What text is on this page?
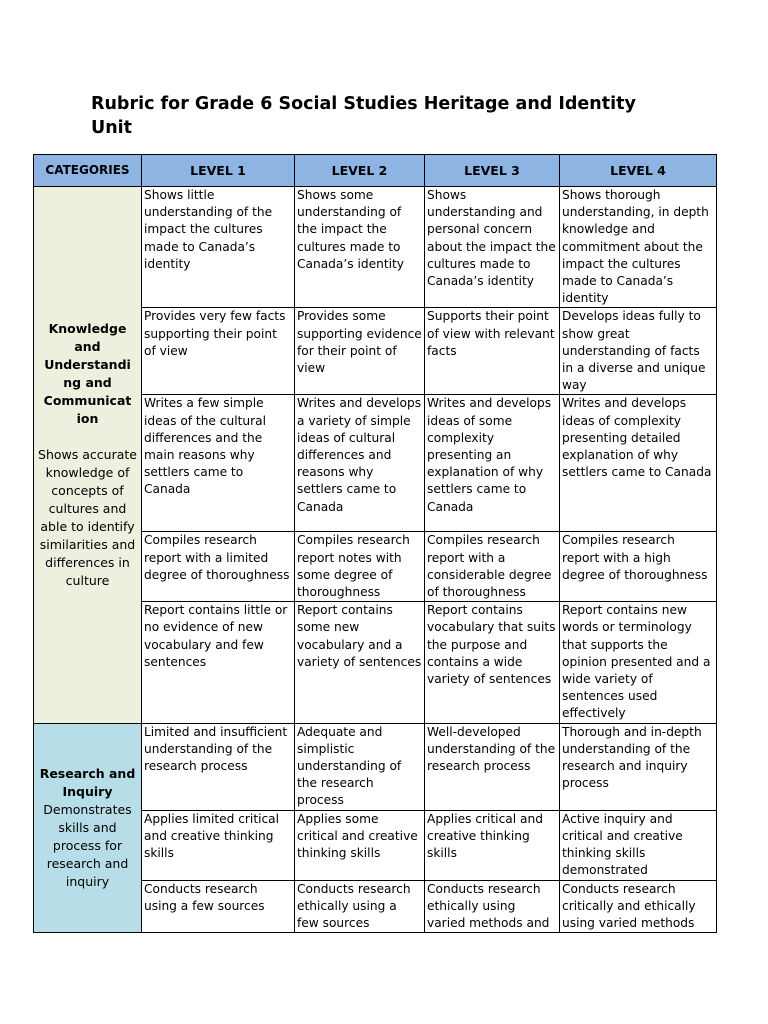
Rubric for Grade 6 Social Studies Heritage and Identity Unit
CATEGORIES	LEVEL 1	LEVEL 2	LEVEL 3	LEVEL 4

Knowledge and Understandi ng and Communicat ion
Shows accurate knowledge of concepts of cultures and able to identify similarities and differences in culture	Shows little understanding of the impact the cultures made to Canada’s identity	Shows some understanding of the impact the cultures made to Canada’s identity	Shows understanding and personal concern about the impact the cultures made to Canada’s identity	Shows thorough understanding, in depth knowledge and commitment about the impact the cultures made to Canada’s identity
	Provides very few facts supporting their point of view	Provides some supporting evidence for their point of view	Supports their point of view with relevant facts	Develops ideas fully to show great understanding of facts in a diverse and unique way
	Writes a few simple ideas of the cultural differences and the main reasons why settlers came to Canada	Writes and develops a variety of simple ideas of cultural differences and reasons why settlers came to Canada	Writes and develops ideas of some complexity presenting an explanation of why settlers came to Canada	Writes and develops ideas of complexity presenting detailed explanation of why settlers came to Canada
	Compiles research report with a limited degree of thoroughness	Compiles research report notes with some degree of thoroughness	Compiles research report with a considerable degree of thoroughness	Compiles research report with a high degree of thoroughness
	Report contains little or no evidence of new vocabulary and few sentences	Report contains some new vocabulary and a variety of sentences	Report contains vocabulary that suits the purpose and contains a wide variety of sentences	Report contains new words or terminology that supports the opinion presented and a wide variety of sentences used effectively

Research and Inquiry
Demonstrates skills and process for research and inquiry	Limited and insufficient understanding of the research process	Adequate and simplistic understanding of the research process	Well-developed understanding of the research process	Thorough and in-depth understanding of the research and inquiry process
	Applies limited critical and creative thinking skills	Applies some critical and creative thinking skills	Applies critical and creative thinking skills	Active inquiry and critical and creative thinking skills demonstrated
	Conducts research using a few sources	Conducts research ethically using a few sources	Conducts research ethically using varied methods and	Conducts research critically and ethically using varied methods
